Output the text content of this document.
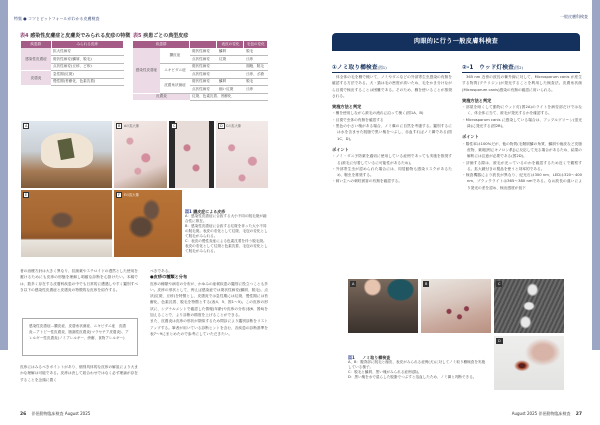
特集 ● コツとピットフォールがわかる皮膚検査
表4 感染性皮膚症と皮膚炎でみられる皮疹の特徴
疾患群	みられる皮疹
感染性皮膚症	拡大性病変
	斑状性病変(鱗屑、脱毛)
	点状性病変(丘疹、ど疹)
皮膚炎	急性期(紅斑)
	慢性期(苔癬化、色素沈着)
表5 疾患ごとの典型皮疹
疾患群			表皮の変化	毛包の変化
感染性皮膚症	膿皮症	斑状性病変	鱗屑	脱毛
		点状性病変	紅斑	丘疹
	ニキビダニ症	斑状性病変		面皰、脱毛
		点状性病変		丘疹、ざ瘡
	皮膚糸状菌症	斑状性病変	鱗屑	脱毛
		点状性病変	痂い紅斑	丘疹
皮膚炎		紅斑、色素沈着、苔癬化		
A	B	Aの拡大像	C	D	Cの拡大像
E	F	Eの拡大像
図1 膿皮症による皮疹
A：感染性皮膚症に合致する大小不同の脱毛斑が融合性に散在。
B：感染性皮膚症に合致する紅斑を伴った大小不同の脱毛斑。表皮の変化として紅斑、毛包の変化として脱毛がみられる。
C：表皮の慢性炎症による色素沈着を伴う脱毛斑。表皮の変化として紅斑と色素沈着、毛包の変化として脱毛がみられる。
者の治療方針は大きく異なり、抗菌薬やステロイドの漫然とした使用を避けるためにも皮疹の形態を理解し明確な診断を心掛けたい。本稿では、数多く存在する皮膚科疾患の中でも日常的に遭遇しやすく鑑別すべき以下の感染性皮膚症と皮膚炎の特徴的な皮疹を紹介する。
感染性皮膚症…膿皮症、皮膚糸状菌症、ニキビダニ症　皮膚炎…アトピー性皮膚炎、脂漏性皮膚炎(マラセチア皮膚炎)、アレルギー性皮膚炎(ノミアレルギー、疥癬、食物アレルギー)
皮疹にはみるべきポイントがあり、個別具体的な皮疹の解説により大まかな理解は可能である。皮疹は決して総合わせではなく必ず理論が存在することを念頭に置く
べきである。
●皮疹の種類と分布
皮疹の種類や病変の分布が、かゆみの症候疾患の鑑別に役立つことも多い。皮疹の形状として、例えば感染症では斑状性病変(鱗屑、脱毛)、点状(紅斑、丘疹)を特徴とし、皮膚炎では急性期には紅斑、慢性期には苔癬化、色素沈着、脱毛を特徴とする(表4、5、図1〜5)。この皮疹の形状に、シグナルメントで確認した情報(年齢)や皮疹の分布(表6、図6)を加えることで、より診断の精度を上げることができる。
また、皮膚炎は皮疹の形状が類似するため問診により鑑別診断をリストアップする。筆者が用いている診断ヒントを含む、各疾患の診断基準を表7〜9にまとめたので参考にしていただきたい。
26 伴侶動物臨床検査 August 2025
一般皮膚科検査
肉眼的に行う一般皮膚科検査
①ノミ取り櫛検査(図1)
体全体の毛を櫛で梳いて、ノミやダニなどの外部寄生虫感染の有無を確認する方法である。犬・猫は毛の密度が高いため、毛をかき分けながら目視で検出することは困難である。そのため、櫛を使いることが推奨される。
実施方法と判定
・櫛を使用しながら被毛の流れに沿って梳く(図1A、B)
・目視で虫体の有無を確認する
・黒色の小さい塊がある場合、ノミ糞のに自然を考慮する。鑑別するには水を含ませた脱脂で黒い塊をつぶし、赤血すればノミ糞である(図1C、D)。
ポイント
・ノミ・ダニ予防薬を適切に使用している症例であっても実施を推奨する(被毛に付着しているに可能性があるため)。
・外部寄生虫が認められた場合には、同居動物も感染リスクがあるため、駆虫を推奨する。
・飼い主への刺咬被害の有無を確認する。
②-1　ウッド灯検査(図2)
365 nm 近傍の波長の紫外線に対して、Microsporum canis が産生する物質(プテリジン)が発光することを利用した検査法。皮膚糸状菌(Microsporum canis)感染の有無の確認に用いられる。
実施方法と判定
・部屋を暗くして動物にウッド灯(図2A)のライトを病変部だけではなく、体全体に当て、被毛が発光するかを確認する。
・Microsporum canis に感染している場合は、アップルグリーン(蛍光緑)に発光する(図2B)。
ポイント
・陽性率は100%だが、他の物質(毛鞘屑鱗の角質、鱗屑や痂皮など皮脂産物、薬剤[例にキノロン系])に反応して光る場合があるため、結果の解釈には注意が必要である(図2D)。
・評価する際は、被毛が光っているのかを確認するため近くで観察する。拡大鏡付きの製品を使うと効率的である。
・検査機器により波長が異なり、紀光石は300 nm、LEDは320〜400 nm、ブラックライトは365〜380 nmである。なお波長の違いにより発光の差を認め、検出感度が低下
A	B	C
D
図1 ノミ取り櫛検査
A、B：腹背部に脱毛と痂皮、表皮がみられる症例(犬)に対してノミ取り櫛検査を実施している様子。
C：脱毛と鱗屑、黒い塊がみられる症例(猫)。
D：黒い塊を水で湿らした脱脂でつぶすと溶血したため、ノミ糞と判断できる。
August 2025 伴侶動物臨床検査 27
